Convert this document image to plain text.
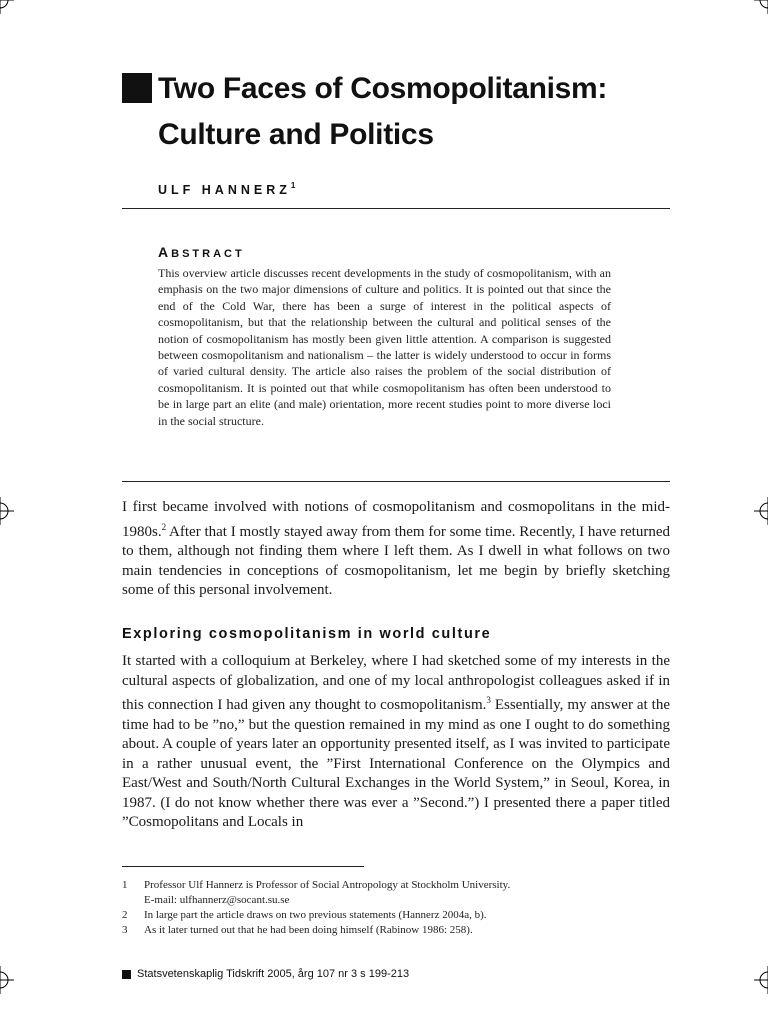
Two Faces of Cosmopolitanism: Culture and Politics
ULF HANNERZ$^1$
ABSTRACT

This overview article discusses recent developments in the study of cosmopolitanism, with an emphasis on the two major dimensions of culture and politics. It is pointed out that since the end of the Cold War, there has been a surge of interest in the political aspects of cosmopolitanism, but that the relationship between the cultural and political senses of the notion of cosmopolitanism has mostly been given little attention. A comparison is suggested between cosmopolitanism and nationalism – the latter is widely understood to occur in forms of varied cultural density. The article also raises the problem of the social distribution of cosmopolitanism. It is pointed out that while cosmopolitanism has often been understood to be in large part an elite (and male) orientation, more recent studies point to more diverse loci in the social structure.

I first became involved with notions of cosmopolitanism and cosmopolitans in the mid-1980s.$^2$ After that I mostly stayed away from them for some time. Recently, I have returned to them, although not finding them where I left them. As I dwell in what follows on two main tendencies in conceptions of cosmopolitanism, let me begin by briefly sketching some of this personal involvement.

Exploring cosmopolitanism in world culture

It started with a colloquium at Berkeley, where I had sketched some of my interests in the cultural aspects of globalization, and one of my local anthropologist colleagues asked if in this connection I had given any thought to cosmopolitanism.$^3$ Essentially, my answer at the time had to be ”no,” but the question remained in my mind as one I ought to do something about. A couple of years later an opportunity presented itself, as I was invited to participate in a rather unusual event, the ”First International Conference on the Olympics and East/West and South/North Cultural Exchanges in the World System,” in Seoul, Korea, in 1987. (I do not know whether there was ever a ”Second.”) I presented there a paper titled ”Cosmopolitans and Locals in

1	Professor Ulf Hannerz is Professor of Social Antropology at Stockholm University.
E-mail: ulfhannerz@socant.su.se
2	In large part the article draws on two previous statements (Hannerz 2004a, b).
3	As it later turned out that he had been doing himself (Rabinow 1986: 258).
Statsvetenskaplig Tidskrift 2005, årg 107 nr 3 s 199-213
